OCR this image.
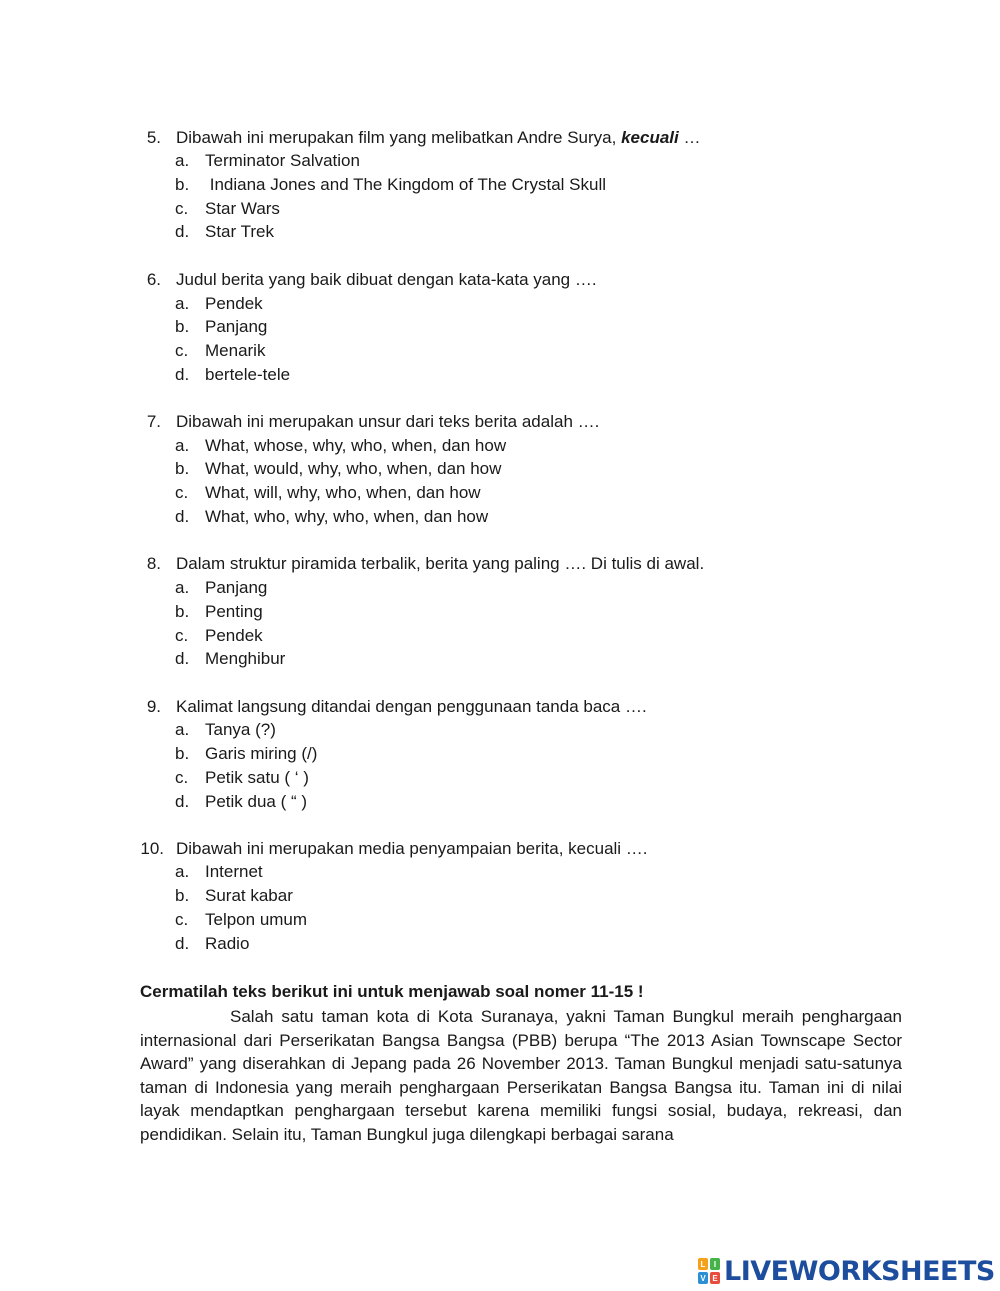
5. Dibawah ini merupakan film yang melibatkan Andre Surya, kecuali …
a. Terminator Salvation
b. Indiana Jones and The Kingdom of The Crystal Skull
c. Star Wars
d. Star Trek
6. Judul berita yang baik dibuat dengan kata-kata yang ….
a. Pendek
b. Panjang
c. Menarik
d. bertele-tele
7. Dibawah ini merupakan unsur dari teks berita adalah ….
a. What, whose, why, who, when, dan how
b. What, would, why, who, when, dan how
c. What, will, why, who, when, dan how
d. What, who, why, who, when, dan how
8. Dalam struktur piramida terbalik, berita yang paling …. Di tulis di awal.
a. Panjang
b. Penting
c. Pendek
d. Menghibur
9. Kalimat langsung ditandai dengan penggunaan tanda baca ….
a. Tanya (?)
b. Garis miring (/)
c. Petik satu ( ‘ )
d. Petik dua ( “ )
10. Dibawah ini merupakan media penyampaian berita, kecuali ….
a. Internet
b. Surat kabar
c. Telpon umum
d. Radio
Cermatilah teks berikut ini untuk menjawab soal nomer 11-15 !

Salah satu taman kota di Kota Suranaya, yakni Taman Bungkul meraih penghargaan internasional dari Perserikatan Bangsa Bangsa (PBB) berupa “The 2013 Asian Townscape Sector Award” yang diserahkan di Jepang pada 26 November 2013. Taman Bungkul menjadi satu-satunya taman di Indonesia yang meraih penghargaan Perserikatan Bangsa Bangsa itu. Taman ini di nilai layak mendaptkan penghargaan tersebut karena memiliki fungsi sosial, budaya, rekreasi, dan pendidikan. Selain itu, Taman Bungkul juga dilengkapi berbagai sarana

L	I
V E LIVEWORKSHEETS
